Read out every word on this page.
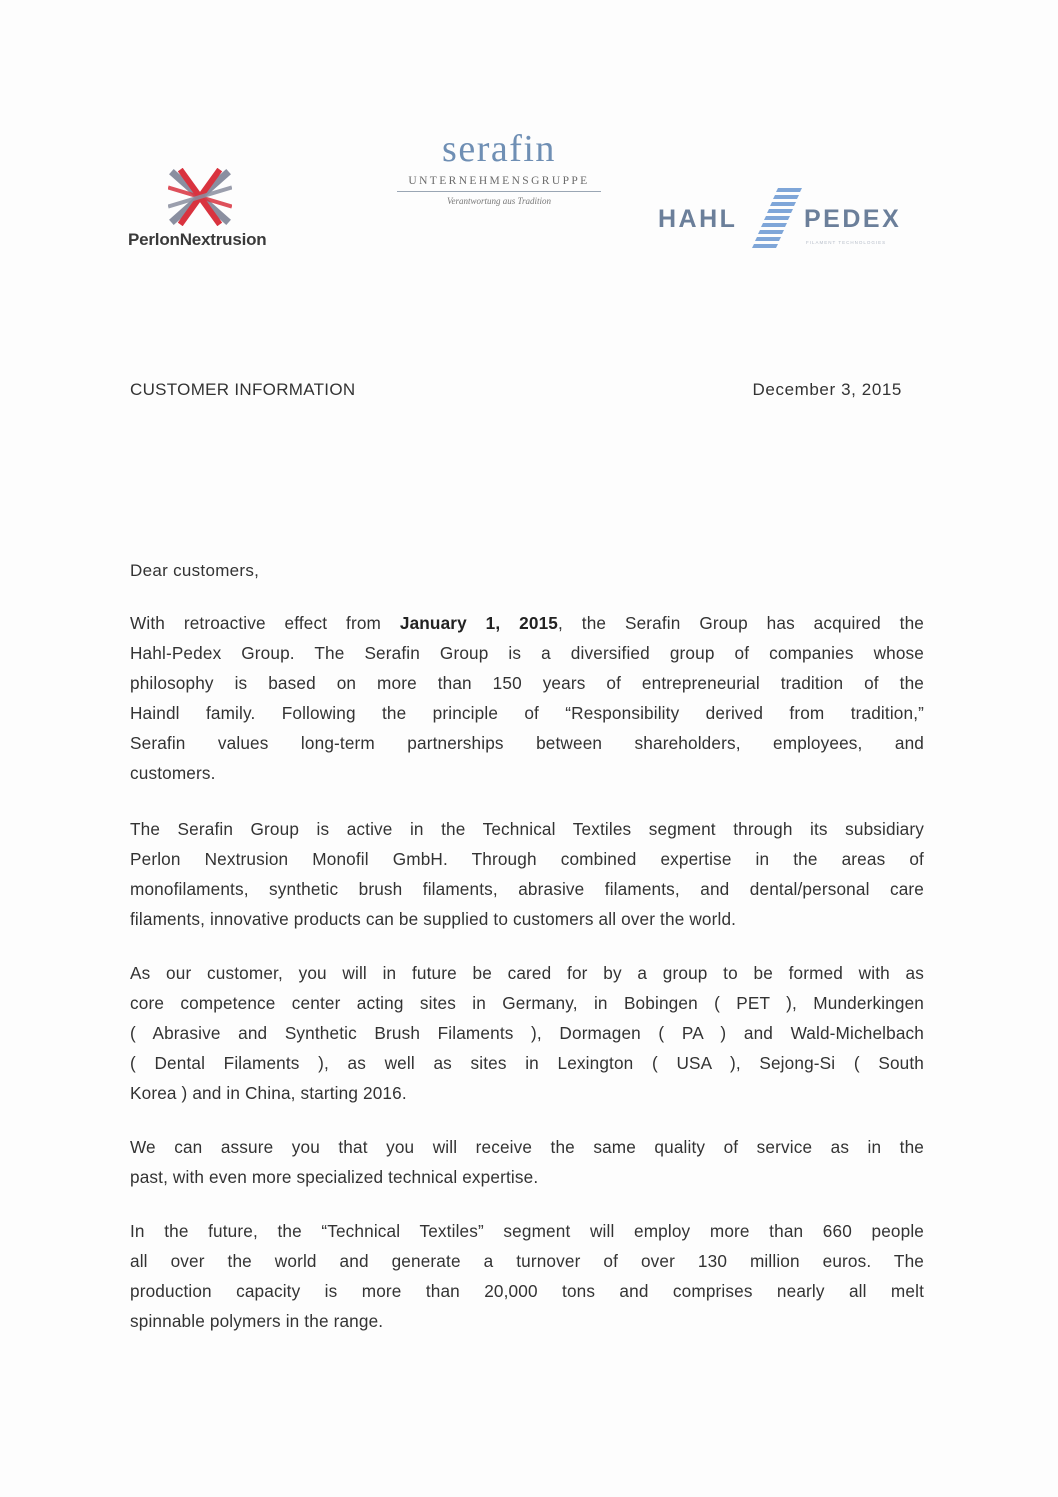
PerlonNextrusion
serafin
UNTERNEHMENSGRUPPE
Verantwortung aus Tradition
HAHL	PEDEX
FILAMENT TECHNOLOGIES
CUSTOMER INFORMATION	December 3, 2015
Dear customers,
With retroactive effect from January 1, 2015, the Serafin Group has acquired the
Hahl-Pedex Group. The Serafin Group is a diversified group of companies whose
philosophy is based on more than 150 years of entrepreneurial tradition of the
Haindl family. Following the principle of “Responsibility derived from tradition,”
Serafin values long-term partnerships between shareholders, employees, and
customers.
The Serafin Group is active in the Technical Textiles segment through its subsidiary
Perlon Nextrusion Monofil GmbH. Through combined expertise in the areas of
monofilaments, synthetic brush filaments, abrasive filaments, and dental/personal care
filaments, innovative products can be supplied to customers all over the world.
As our customer, you will in future be cared for by a group to be formed with as
core competence center acting sites in Germany, in Bobingen ( PET ), Munderkingen
( Abrasive and Synthetic Brush Filaments ), Dormagen ( PA ) and Wald-Michelbach
( Dental Filaments ), as well as sites in Lexington ( USA ), Sejong-Si ( South
Korea ) and in China, starting 2016.
We can assure you that you will receive the same quality of service as in the
past, with even more specialized technical expertise.
In the future, the “Technical Textiles” segment will employ more than 660 people
all over the world and generate a turnover of over 130 million euros. The
production capacity is more than 20,000 tons and comprises nearly all melt
spinnable polymers in the range.
